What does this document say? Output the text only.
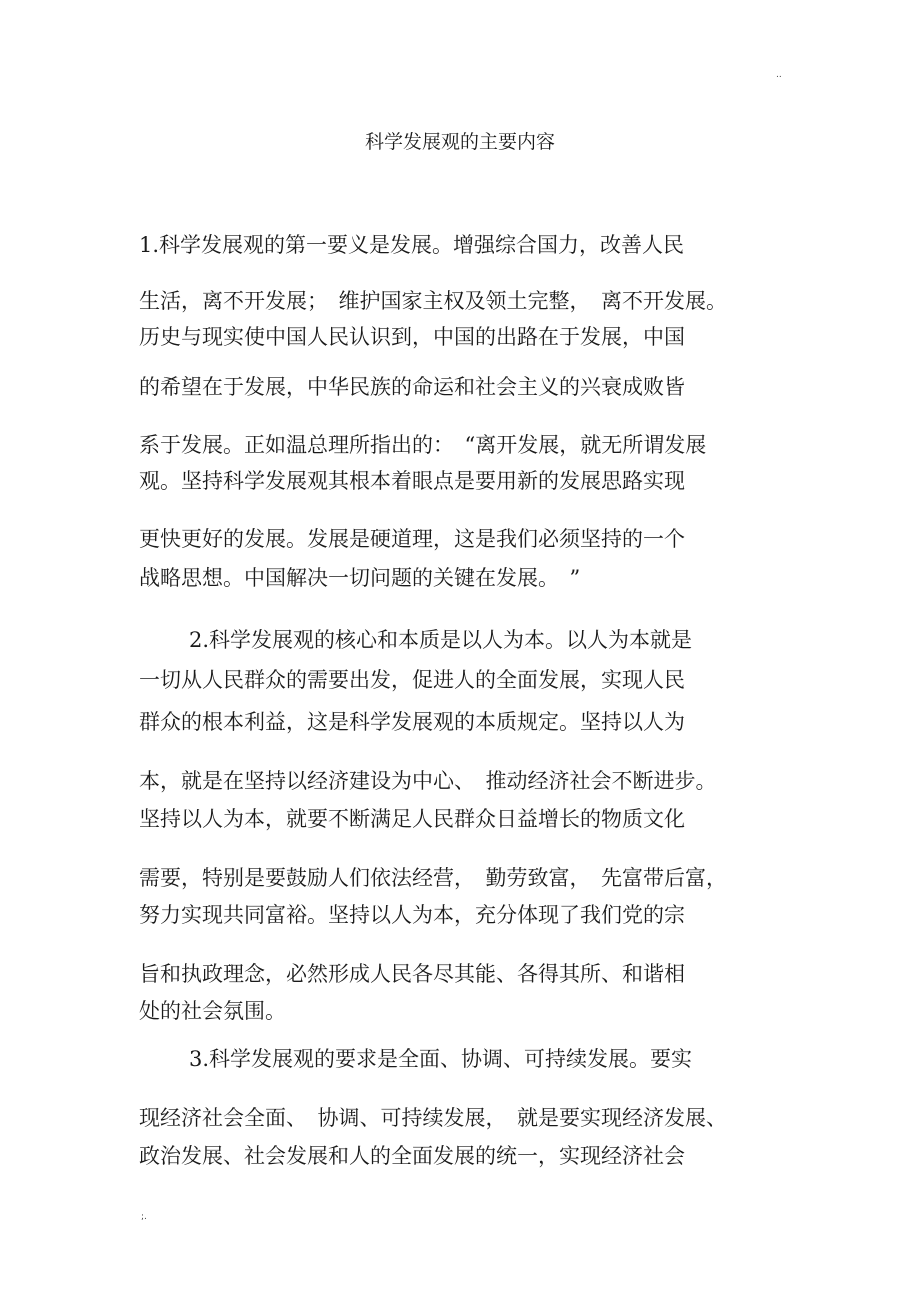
..
科学发展观的主要内容
1.科学发展观的第一要义是发展。增强综合国力，改善人民
生活，离不开发展；　维护国家主权及领土完整，　离不开发展。
历史与现实使中国人民认识到，中国的出路在于发展，中国
的希望在于发展，中华民族的命运和社会主义的兴衰成败皆
系于发展。正如温总理所指出的：　“离开发展，就无所谓发展
观。坚持科学发展观其根本着眼点是要用新的发展思路实现
更快更好的发展。发展是硬道理，这是我们必须坚持的一个
战略思想。中国解决一切问题的关键在发展。　”
2.科学发展观的核心和本质是以人为本。以人为本就是
一切从人民群众的需要出发，促进人的全面发展，实现人民
群众的根本利益，这是科学发展观的本质规定。坚持以人为
本，就是在坚持以经济建设为中心、　推动经济社会不断进步。
坚持以人为本，就要不断满足人民群众日益增长的物质文化
需要，特别是要鼓励人们依法经营，　勤劳致富，　先富带后富，
努力实现共同富裕。坚持以人为本，充分体现了我们党的宗
旨和执政理念，必然形成人民各尽其能、各得其所、和谐相
处的社会氛围。
3.科学发展观的要求是全面、协调、可持续发展。要实
现经济社会全面、　协调、可持续发展，　就是要实现经济发展、
政治发展、社会发展和人的全面发展的统一，实现经济社会
;.
